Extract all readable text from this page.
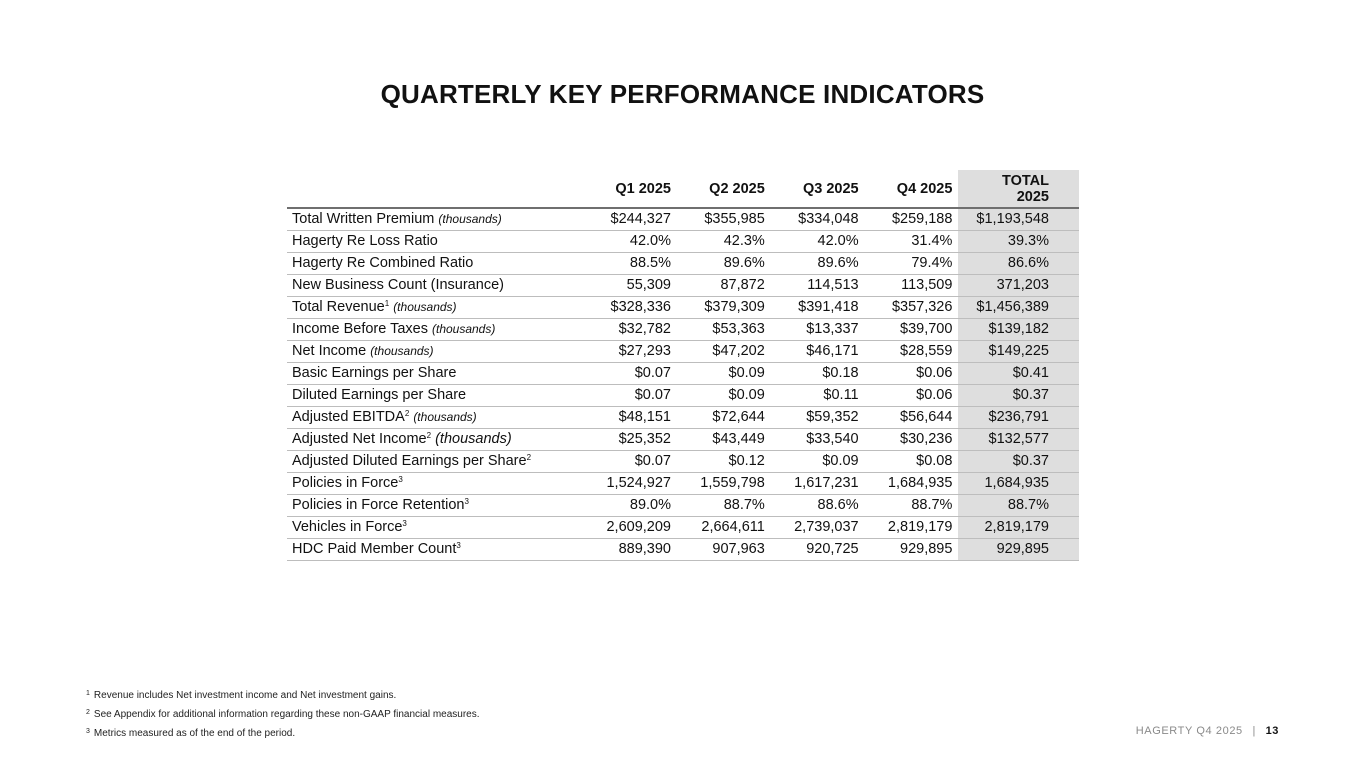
QUARTERLY KEY PERFORMANCE INDICATORS
	Q1 2025	Q2 2025	Q3 2025	Q4 2025	TOTAL
2025
Total Written Premium (thousands)	$244,327	$355,985	$334,048	$259,188	$1,193,548
Hagerty Re Loss Ratio	42.0%	42.3%	42.0%	31.4%	39.3%
Hagerty Re Combined Ratio	88.5%	89.6%	89.6%	79.4%	86.6%
New Business Count (Insurance)	55,309	87,872	114,513	113,509	371,203
Total Revenue$^1$ (thousands)	$328,336	$379,309	$391,418	$357,326	$1,456,389
Income Before Taxes (thousands)	$32,782	$53,363	$13,337	$39,700	$139,182
Net Income (thousands)	$27,293	$47,202	$46,171	$28,559	$149,225
Basic Earnings per Share	$0.07	$0.09	$0.18	$0.06	$0.41
Diluted Earnings per Share	$0.07	$0.09	$0.11	$0.06	$0.37
Adjusted EBITDA$^2$ (thousands)	$48,151	$72,644	$59,352	$56,644	$236,791
Adjusted Net Income$^2$ (thousands)	$25,352	$43,449	$33,540	$30,236	$132,577
Adjusted Diluted Earnings per Share$^2$	$0.07	$0.12	$0.09	$0.08	$0.37
Policies in Force$^3$	1,524,927	1,559,798	1,617,231	1,684,935	1,684,935
Policies in Force Retention$^3$	89.0%	88.7%	88.6%	88.7%	88.7%
Vehicles in Force$^3$	2,609,209	2,664,611	2,739,037	2,819,179	2,819,179
HDC Paid Member Count$^3$	889,390	907,963	920,725	929,895	929,895
$^1$ Revenue includes Net investment income and Net investment gains.
$^2$ See Appendix for additional information regarding these non-GAAP financial measures.
$^3$ Metrics measured as of the end of the period.	HAGERTY Q4 2025 | 13
